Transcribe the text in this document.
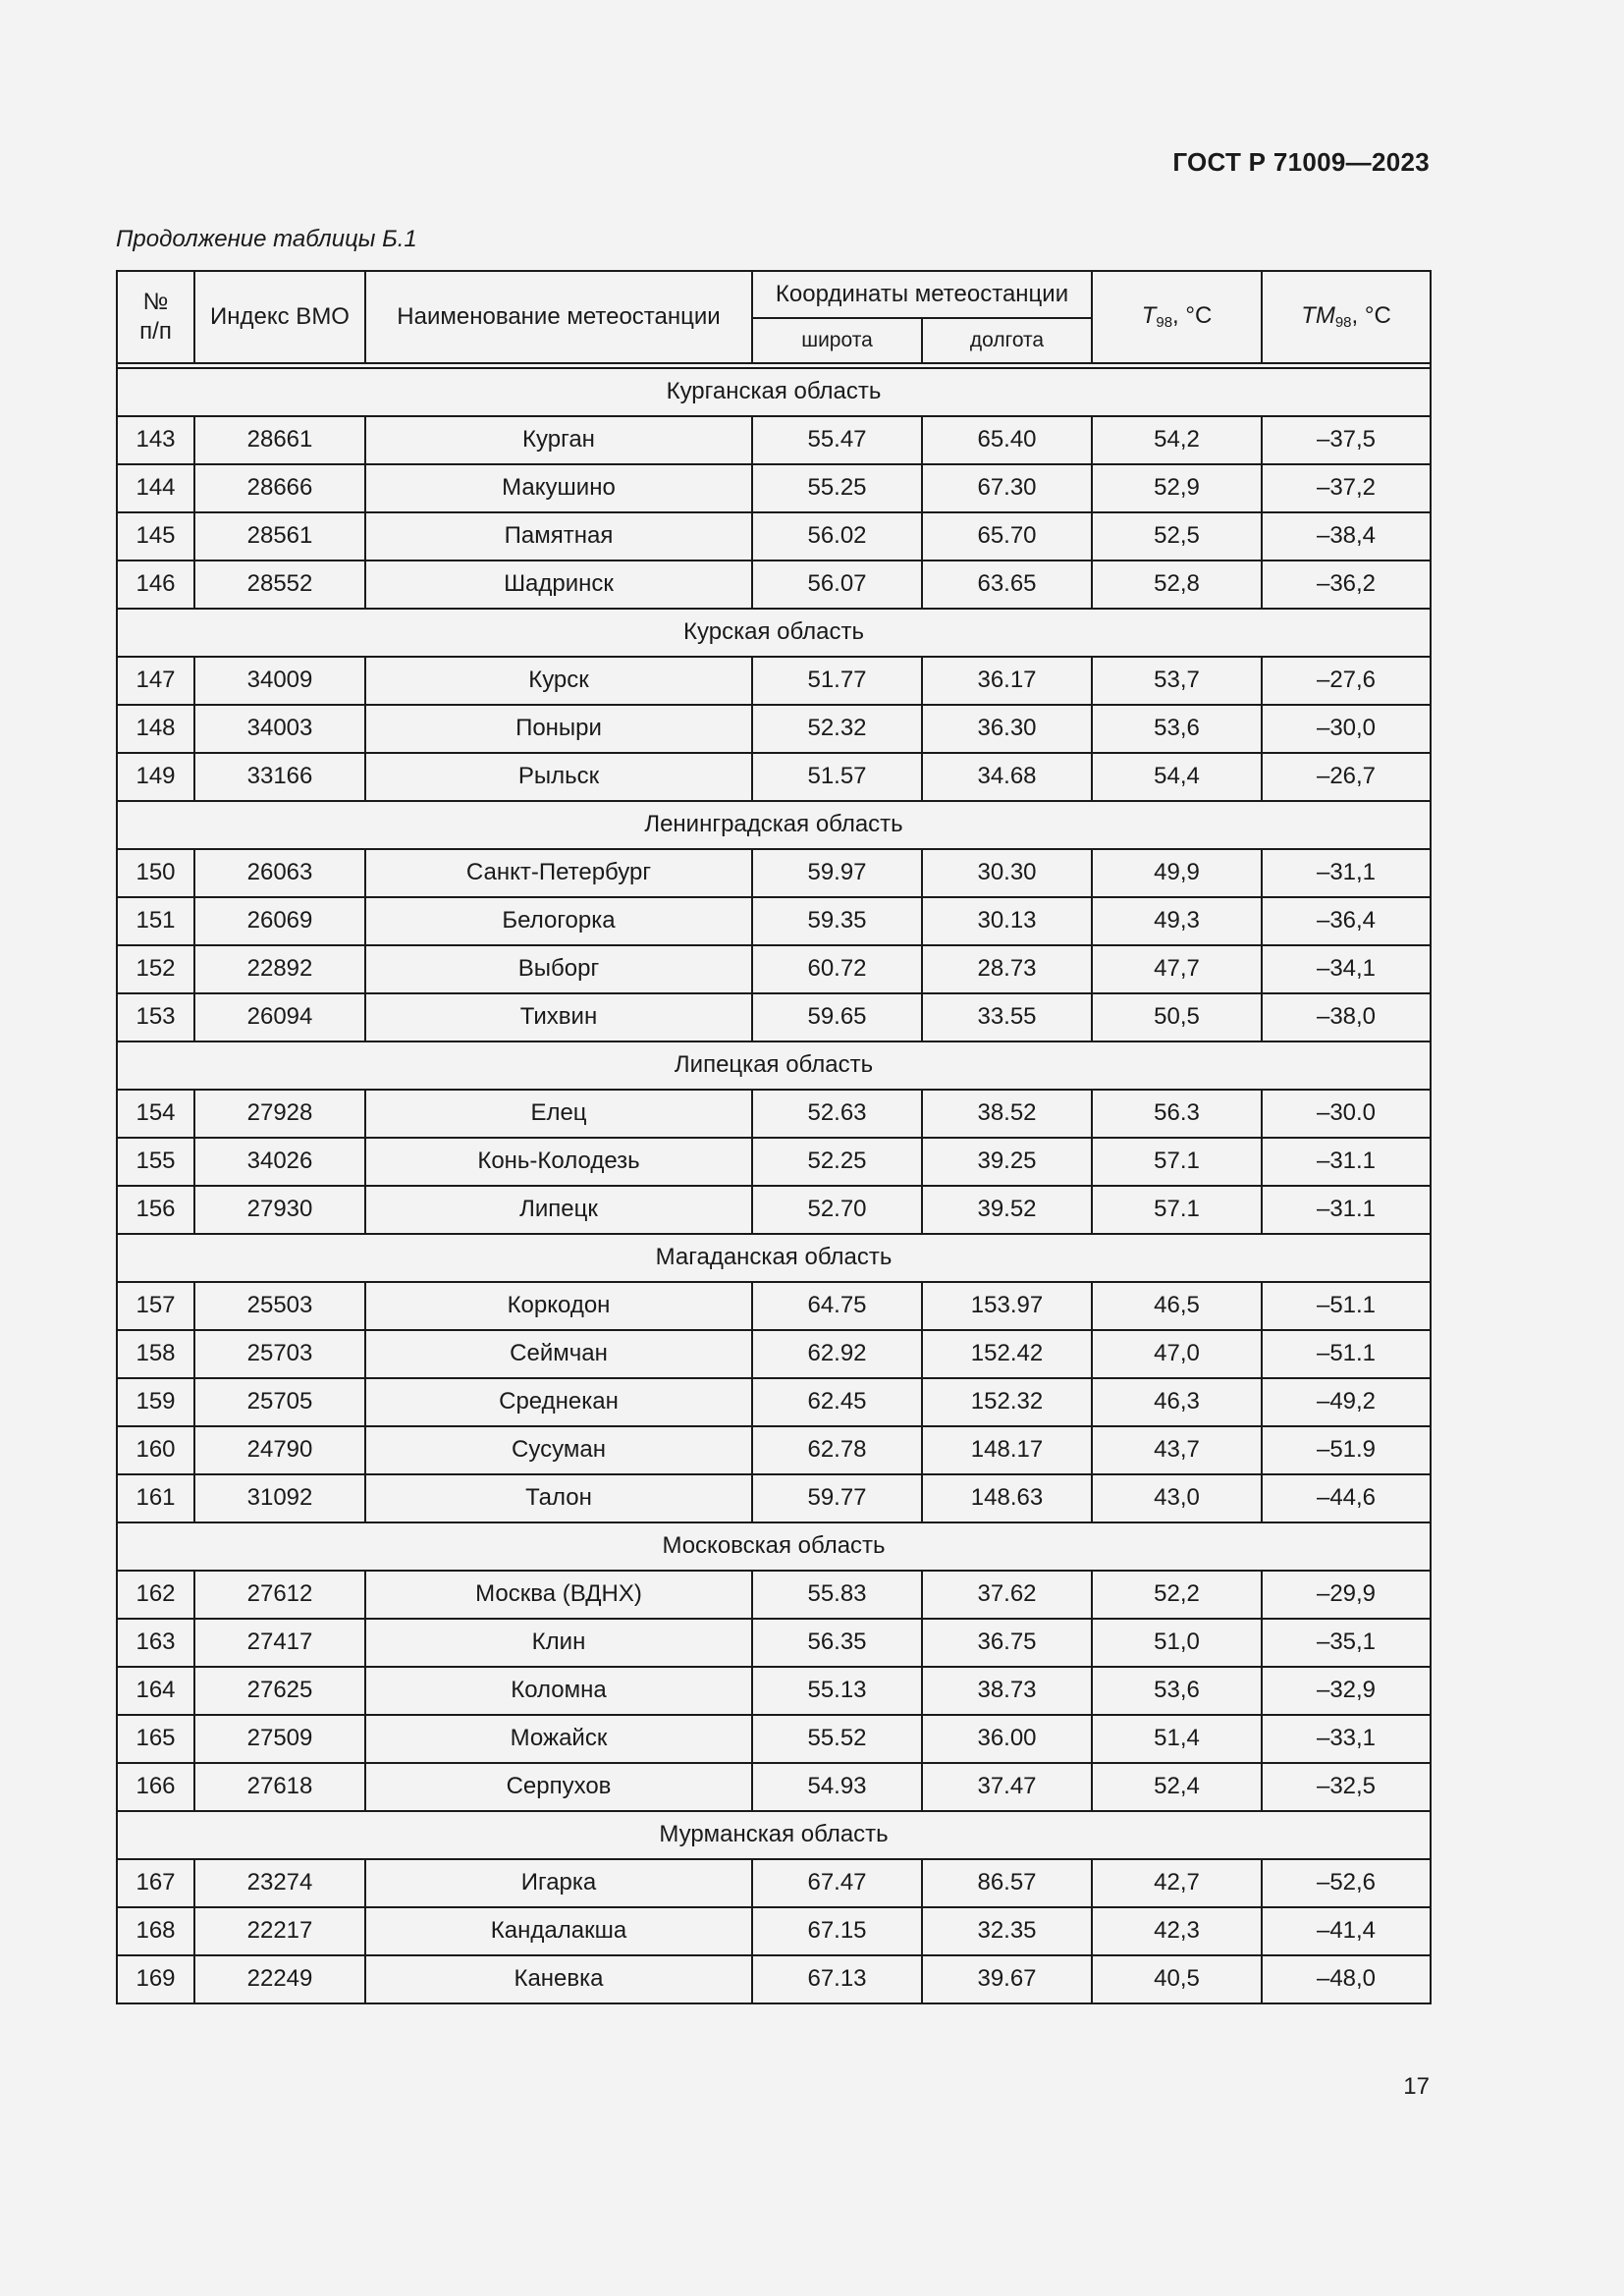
ГОСТ Р 71009—2023
Продолжение таблицы Б.1
№ п/п	Индекс ВМО	Наименование метеостанции	Координаты метеостанции		T98, °C	TM98, °C
			широта	долгота		

Курганская область						
143	28661	Курган	55.47	65.40	54,2	–37,5
144	28666	Макушино	55.25	67.30	52,9	–37,2
145	28561	Памятная	56.02	65.70	52,5	–38,4
146	28552	Шадринск	56.07	63.65	52,8	–36,2
Курская область						
147	34009	Курск	51.77	36.17	53,7	–27,6
148	34003	Поныри	52.32	36.30	53,6	–30,0
149	33166	Рыльск	51.57	34.68	54,4	–26,7
Ленинградская область						
150	26063	Санкт-Петербург	59.97	30.30	49,9	–31,1
151	26069	Белогорка	59.35	30.13	49,3	–36,4
152	22892	Выборг	60.72	28.73	47,7	–34,1
153	26094	Тихвин	59.65	33.55	50,5	–38,0
Липецкая область						
154	27928	Елец	52.63	38.52	56.3	–30.0
155	34026	Конь-Колодезь	52.25	39.25	57.1	–31.1
156	27930	Липецк	52.70	39.52	57.1	–31.1
Магаданская область						
157	25503	Коркодон	64.75	153.97	46,5	–51.1
158	25703	Сеймчан	62.92	152.42	47,0	–51.1
159	25705	Среднекан	62.45	152.32	46,3	–49,2
160	24790	Сусуман	62.78	148.17	43,7	–51.9
161	31092	Талон	59.77	148.63	43,0	–44,6
Московская область						
162	27612	Москва (ВДНХ)	55.83	37.62	52,2	–29,9
163	27417	Клин	56.35	36.75	51,0	–35,1
164	27625	Коломна	55.13	38.73	53,6	–32,9
165	27509	Можайск	55.52	36.00	51,4	–33,1
166	27618	Серпухов	54.93	37.47	52,4	–32,5
Мурманская область						
167	23274	Игарка	67.47	86.57	42,7	–52,6
168	22217	Кандалакша	67.15	32.35	42,3	–41,4
169	22249	Каневка	67.13	39.67	40,5	–48,0
17
